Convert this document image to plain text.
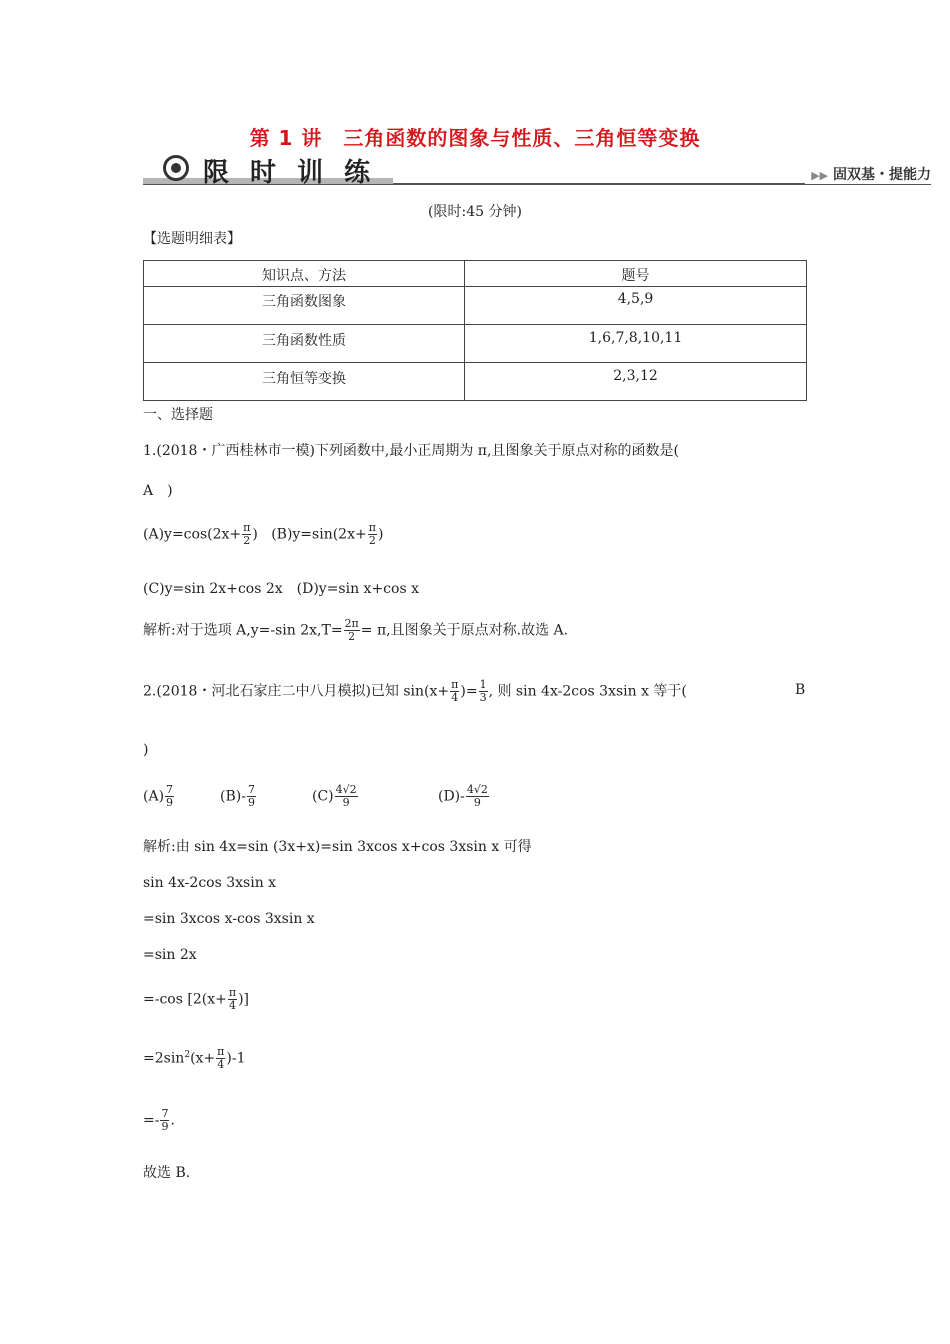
第 1 讲　三角函数的图象与性质、三角恒等变换
限 时 训 练	▶▶ 固双基・提能力
(限时:45 分钟)
【选题明细表】
知识点、方法	题号
三角函数图象	4,5,9
三角函数性质	1,6,7,8,10,11
三角恒等变换	2,3,12
一、选择题
1.(2018・广西桂林市一模)下列函数中,最小正周期为 π,且图象关于原点对称的函数是(
A　)
$(A)y=\cos(2x+ \frac{\pi}{2}$ ) $(B)y=\sin(2x+ \frac{\pi}{2}$ )
(C)y=sin 2x+cos 2x　(D)y=sin x+cos x
解析:对于选项 A,y=-sin $2x,T= \frac{2\pi}{2} = \pi$,且图象关于原点对称.故选 A.
2.(2018・河北石家庄二中八月模拟)已知 $\sin(x+ \frac{\pi}{4}$ )= $\frac{1}{3}$ , 则 sin 4x-2cos 3xsin x 等于(	B
)
$(A) \frac{7}{9}$	$(B)- \frac{7}{9}$	$(C) \frac{4√2}{9}$	$(D)- \frac{4√2}{9}$
解析:由 sin 4x=sin (3x+x)=sin 3xcos x+cos 3xsin x 可得
sin 4x-2cos 3xsin x
=sin 3xcos x-cos 3xsin x
=sin 2x
=-cos [$2(x+ \frac{\pi}{4}$ )]
$=2\sin^2(x+ \frac{\pi}{4} )-1$
=- $\frac{7}{9}$ .
故选 B.
